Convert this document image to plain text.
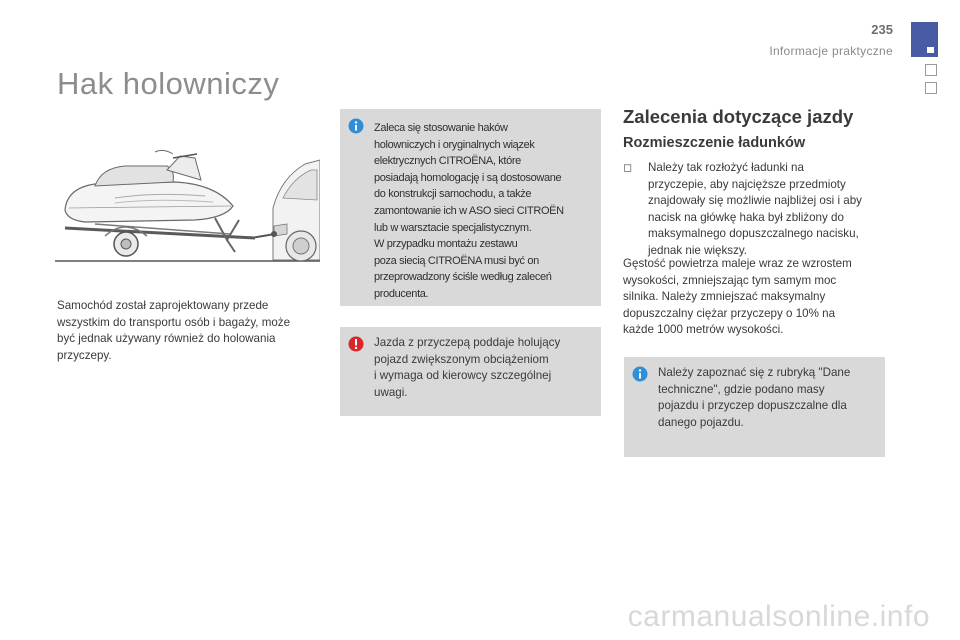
235
Informacje praktyczne
Hak holowniczy

Samochód został zaprojektowany przede wszystkim do transportu osób i bagaży, może być jednak używany również do holowania przyczepy.

Zaleca się stosowanie haków
holowniczych i oryginalnych wiązek
elektrycznych CITROËNA, które
posiadają homologację i są dostosowane
do konstrukcji samochodu, a także
zamontowanie ich w ASO sieci CITROËN
lub w warsztacie specjalistycznym.
W przypadku montażu zestawu
poza siecią CITROËNA musi być on
przeprowadzony ściśle według zaleceń
producenta.
Jazda z przyczepą poddaje holujący
pojazd zwiększonym obciążeniom
i wymaga od kierowcy szczególnej
uwagi.
Zalecenia dotyczące jazdy
Rozmieszczenie ładunków
◻ Należy tak rozłożyć ładunki na
przyczepie, aby najcięższe przedmioty
znajdowały się możliwie najbliżej osi i aby
nacisk na główkę haka był zbliżony do
maksymalnego dopuszczalnego nacisku,
jednak nie większy.
Gęstość powietrza maleje wraz ze wzrostem
wysokości, zmniejszając tym samym moc
silnika. Należy zmniejszać maksymalny
dopuszczalny ciężar przyczepy o 10% na
każde 1000 metrów wysokości.
Należy zapoznać się z rubryką "Dane
techniczne", gdzie podano masy
pojazdu i przyczep dopuszczalne dla
danego pojazdu.
carmanualsonline.info
